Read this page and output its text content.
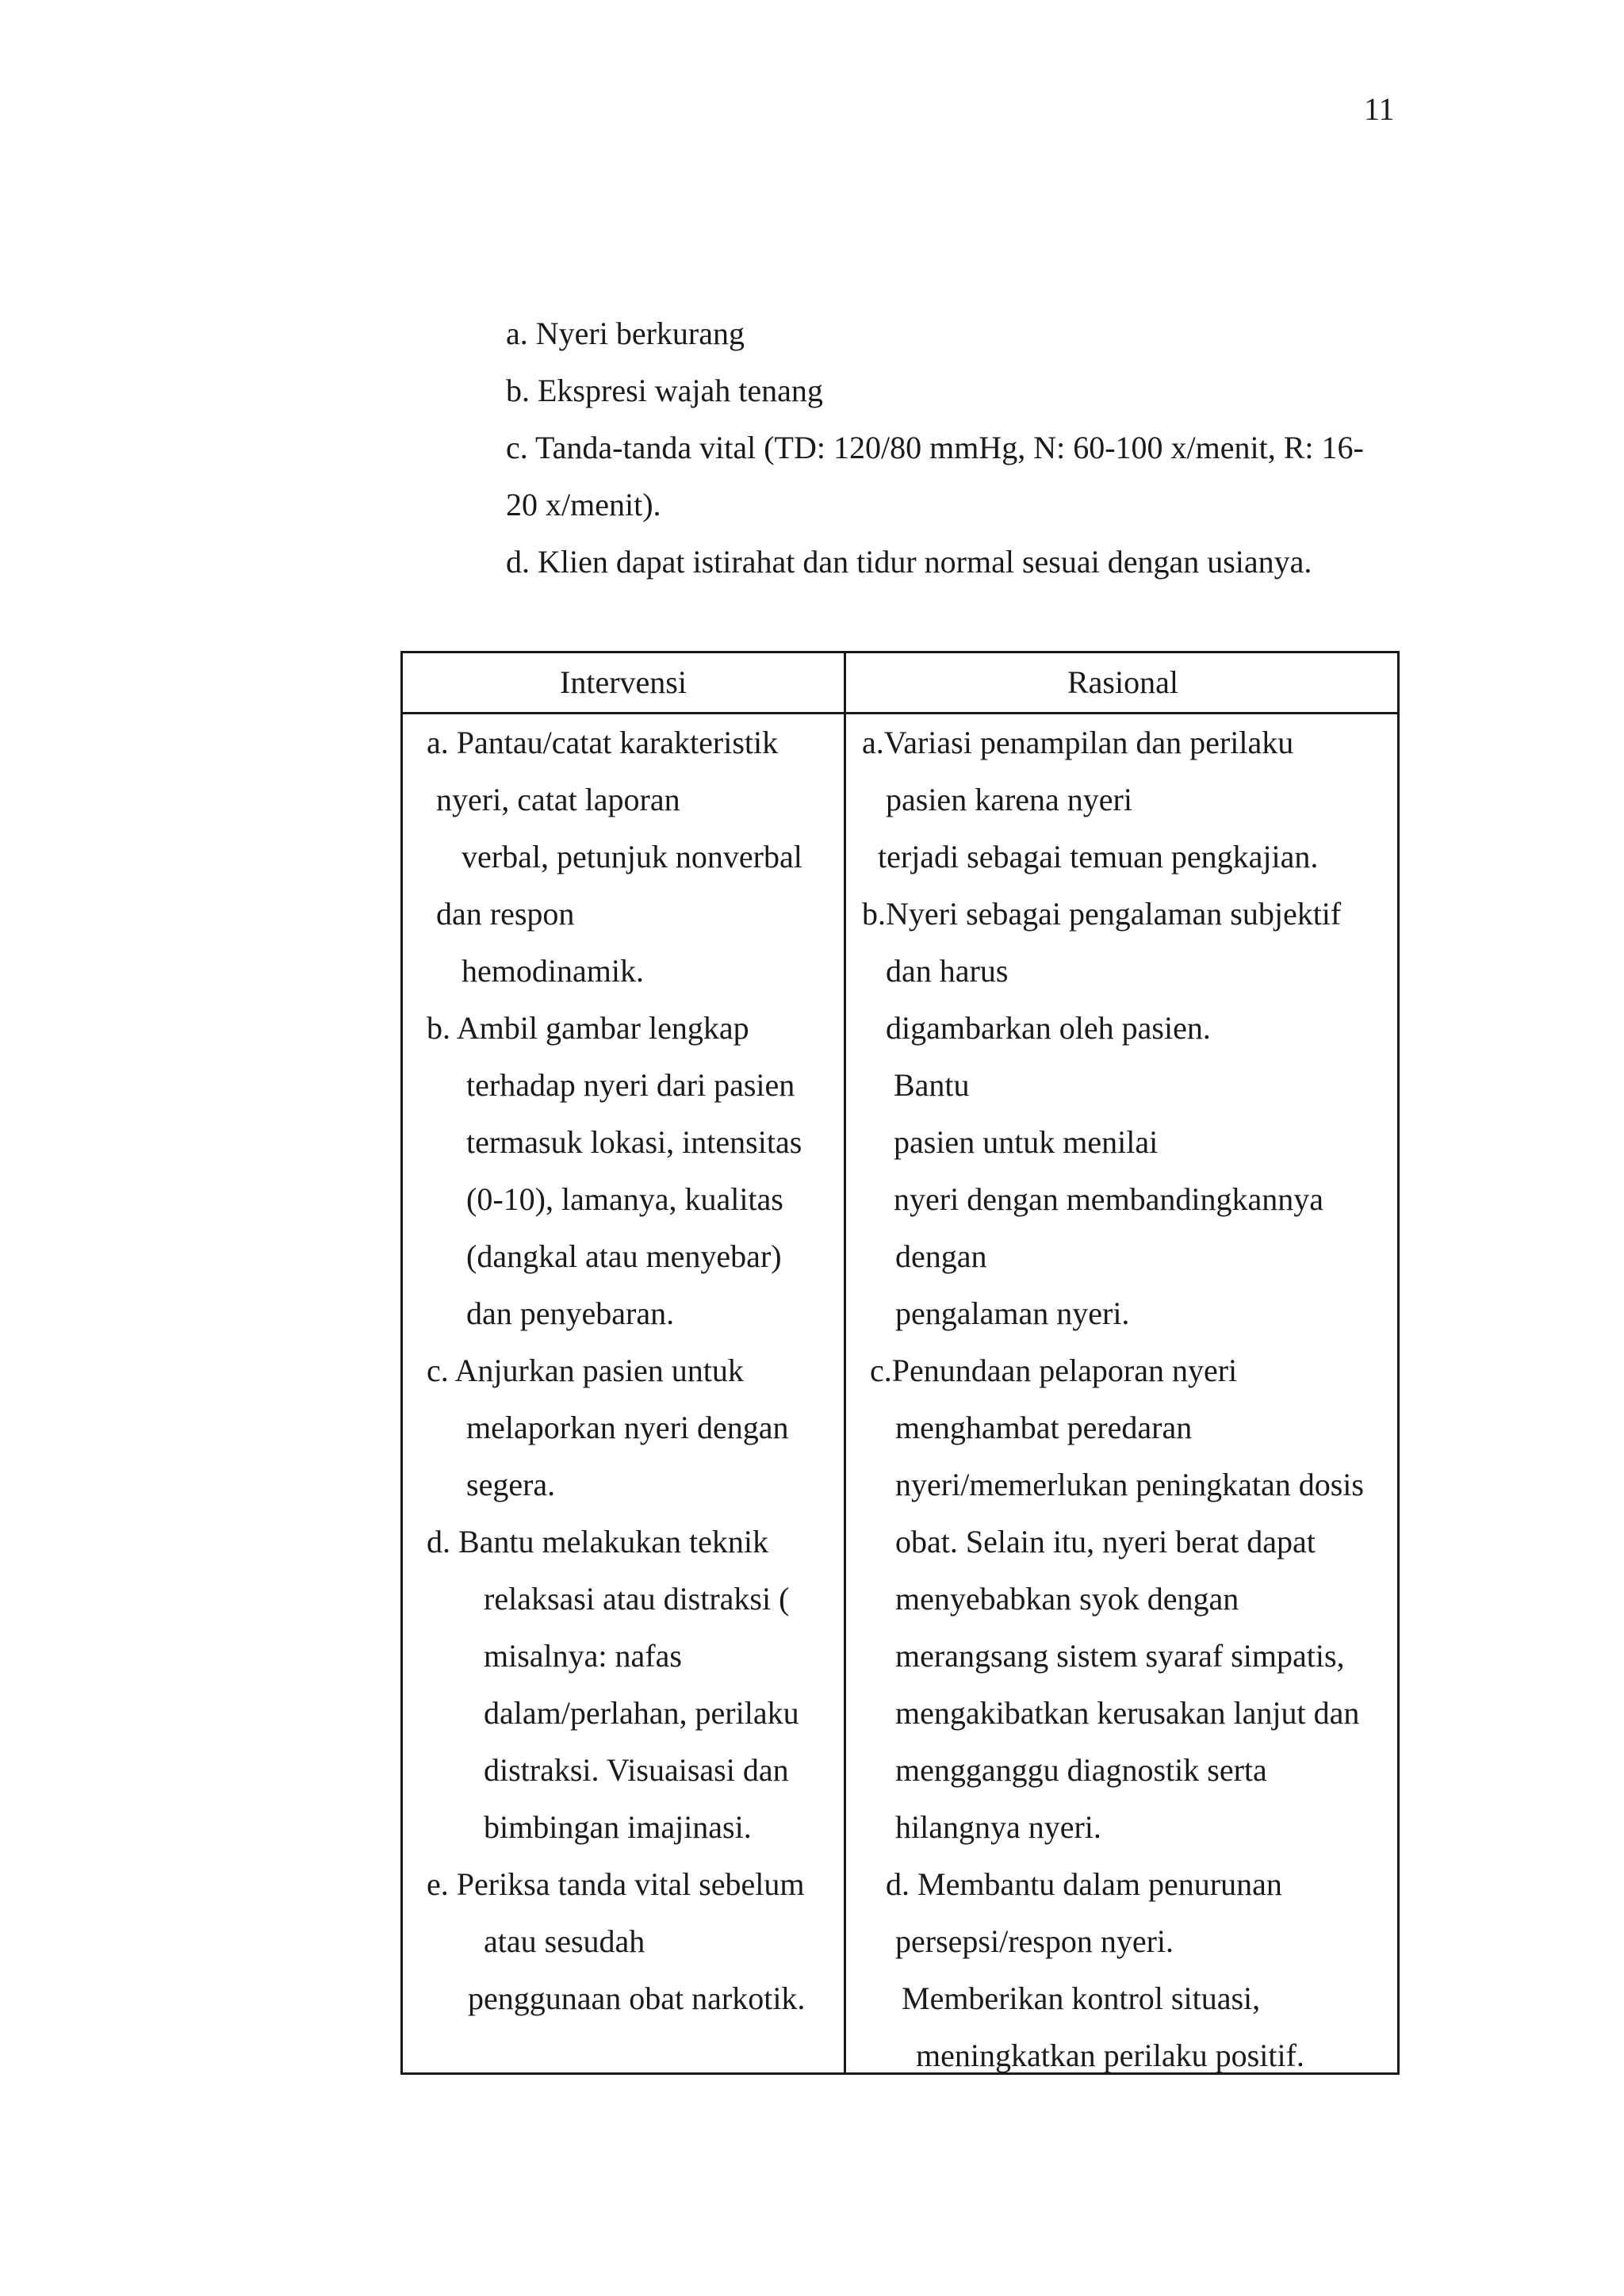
11
a. Nyeri berkurang
b. Ekspresi wajah tenang
c. Tanda-tanda vital (TD: 120/80 mmHg, N: 60-100 x/menit, R: 16-
20 x/menit).
d. Klien dapat istirahat dan tidur normal sesuai dengan usianya.
Intervensi	Rasional
a. Pantau/catat karakteristik
nyeri, catat laporan
verbal, petunjuk nonverbal
dan respon
hemodinamik.
b. Ambil gambar lengkap
terhadap nyeri dari pasien
termasuk lokasi, intensitas
(0-10), lamanya, kualitas
(dangkal atau menyebar)
dan penyebaran.
c. Anjurkan pasien untuk
melaporkan nyeri dengan
segera.
d. Bantu melakukan teknik
relaksasi atau distraksi (
misalnya: nafas
dalam/perlahan, perilaku
distraksi. Visuaisasi dan
bimbingan imajinasi.
e. Periksa tanda vital sebelum
atau sesudah
penggunaan obat narkotik.
a.Variasi penampilan dan perilaku
pasien karena nyeri
terjadi sebagai temuan pengkajian.
b.Nyeri sebagai pengalaman subjektif
dan harus
digambarkan oleh pasien.
Bantu
pasien untuk menilai
nyeri dengan membandingkannya
dengan
pengalaman nyeri.
c.Penundaan pelaporan nyeri
menghambat peredaran
nyeri/memerlukan peningkatan dosis
obat. Selain itu, nyeri berat dapat
menyebabkan syok dengan
merangsang sistem syaraf simpatis,
mengakibatkan kerusakan lanjut dan
mengganggu diagnostik serta
hilangnya nyeri.
d. Membantu dalam penurunan
persepsi/respon nyeri.
Memberikan kontrol situasi,
meningkatkan perilaku positif.
